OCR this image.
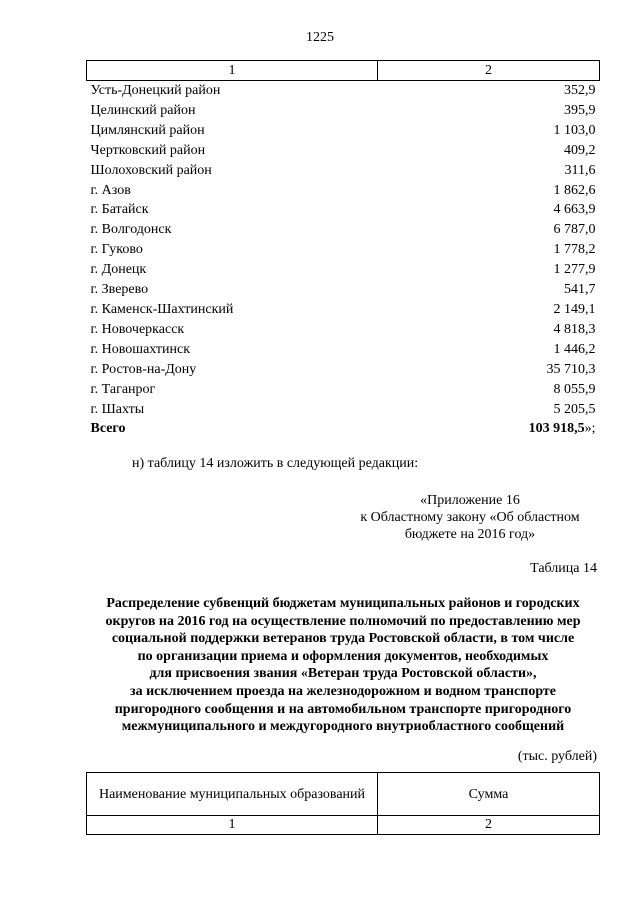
1225
1	2
Усть-Донецкий район	352,9
Целинский район	395,9
Цимлянский район	1 103,0
Чертковский район	409,2
Шолоховский район	311,6
г. Азов	1 862,6
г. Батайск	4 663,9
г. Волгодонск	6 787,0
г. Гуково	1 778,2
г. Донецк	1 277,9
г. Зверево	541,7
г. Каменск-Шахтинский	2 149,1
г. Новочеркасск	4 818,3
г. Новошахтинск	1 446,2
г. Ростов-на-Дону	35 710,3
г. Таганрог	8 055,9
г. Шахты	5 205,5
Всего	103 918,5»;
н) таблицу 14 изложить в следующей редакции:
«Приложение 16
к Областному закону «Об областном
бюджете на 2016 год»
Таблица 14
Распределение субвенций бюджетам муниципальных районов и городских
округов на 2016 год на осуществление полномочий по предоставлению мер
социальной поддержки ветеранов труда Ростовской области, в том числе
по организации приема и оформления документов, необходимых
для присвоения звания «Ветеран труда Ростовской области»,
за исключением проезда на железнодорожном и водном транспорте
пригородного сообщения и на автомобильном транспорте пригородного
межмуниципального и междугородного внутриобластного сообщений
(тыс. рублей)
Наименование муниципальных образований	Сумма
1	2
